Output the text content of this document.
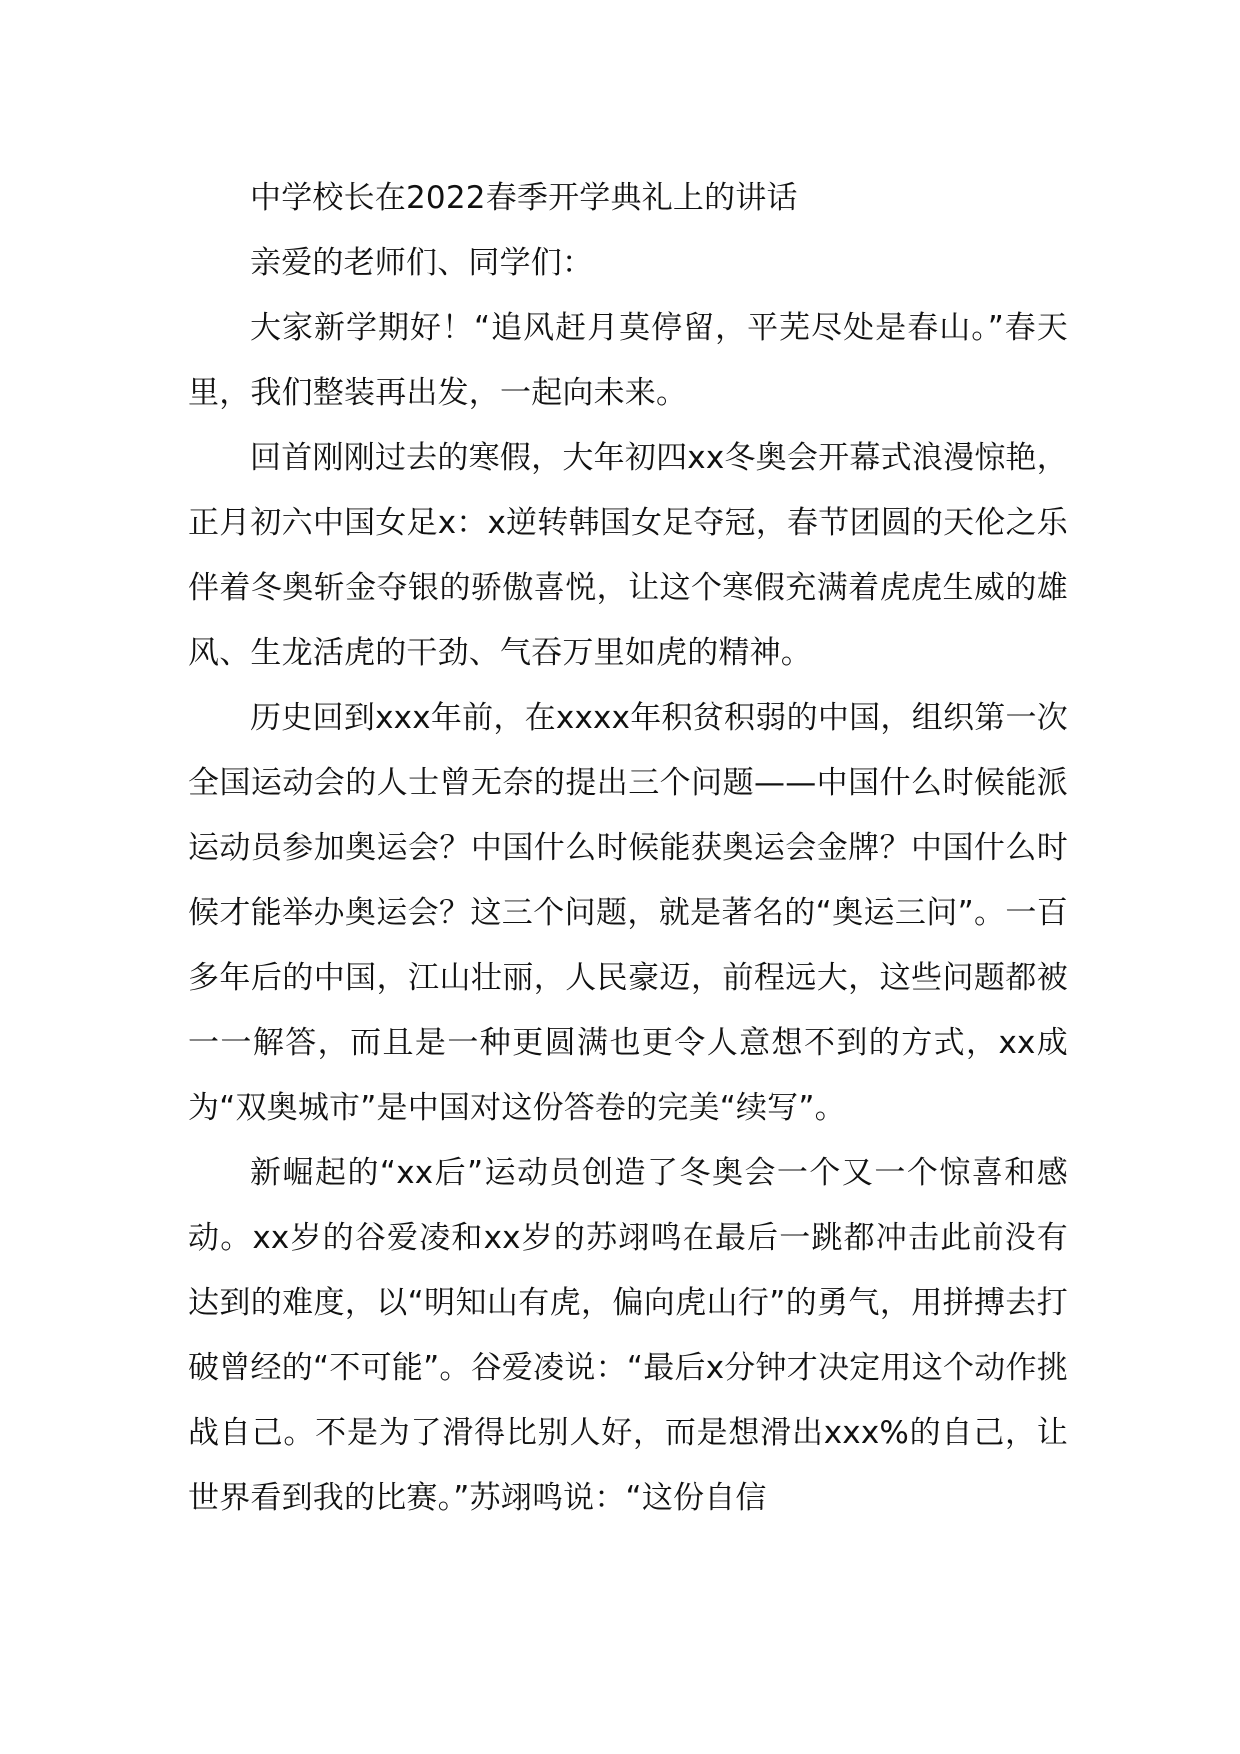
中学校长在2022春季开学典礼上的讲话

亲爱的老师们、同学们：

大家新学期好！“追风赶月莫停留，平芜尽处是春山。”春天里，我们整装再出发，一起向未来。

回首刚刚过去的寒假，大年初四xx冬奥会开幕式浪漫惊艳，正月初六中国女足x：x逆转韩国女足夺冠，春节团圆的天伦之乐伴着冬奥斩金夺银的骄傲喜悦，让这个寒假充满着虎虎生威的雄风、生龙活虎的干劲、气吞万里如虎的精神。

历史回到xxx年前，在xxxx年积贫积弱的中国，组织第一次全国运动会的人士曾无奈的提出三个问题——中国什么时候能派运动员参加奥运会？中国什么时候能获奥运会金牌？中国什么时候才能举办奥运会？这三个问题，就是著名的“奥运三问”。一百多年后的中国，江山壮丽，人民豪迈，前程远大，这些问题都被一一解答，而且是一种更圆满也更令人意想不到的方式，xx成为“双奥城市”是中国对这份答卷的完美“续写”。

新崛起的“xx后”运动员创造了冬奥会一个又一个惊喜和感动。xx岁的谷爱凌和xx岁的苏翊鸣在最后一跳都冲击此前没有达到的难度，以“明知山有虎，偏向虎山行”的勇气，用拼搏去打破曾经的“不可能”。谷爱凌说：“最后x分钟才决定用这个动作挑战自己。不是为了滑得比别人好，而是想滑出xxx%的自己，让世界看到我的比赛。”苏翊鸣说：“这份自信
